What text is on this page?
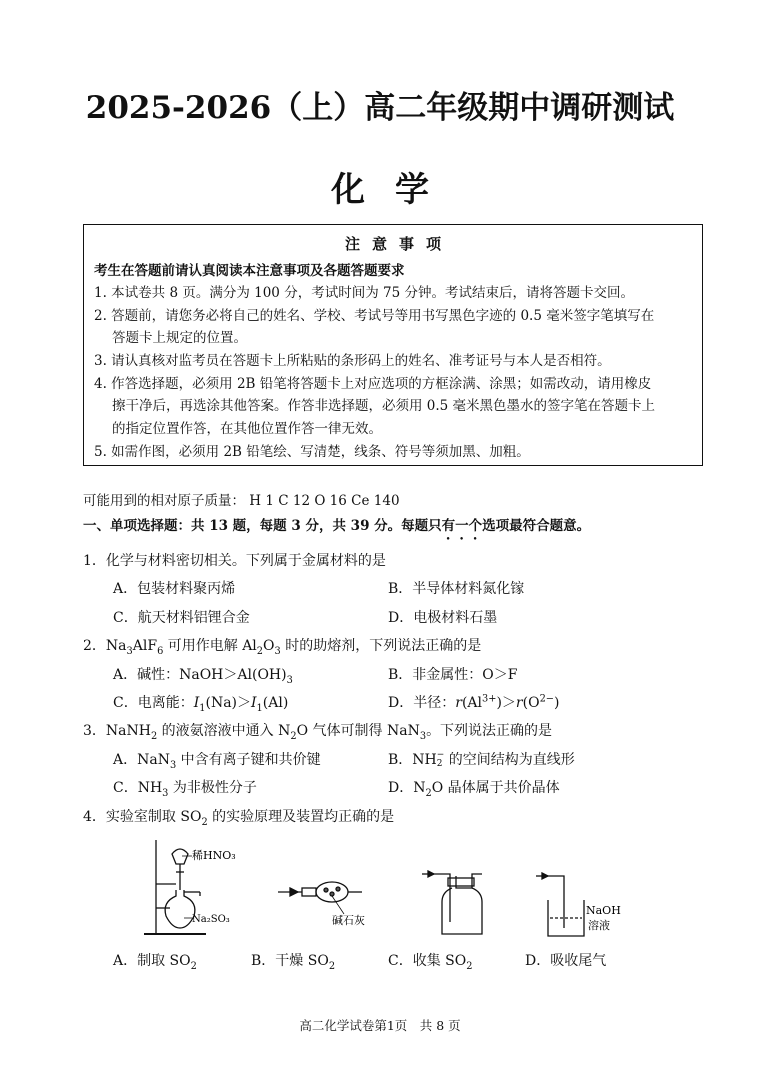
2025-2026（上）高二年级期中调研测试
化学
注意事项
考生在答题前请认真阅读本注意事项及各题答题要求
1. 本试卷共 8 页。满分为 100 分，考试时间为 75 分钟。考试结束后，请将答题卡交回。
2. 答题前，请您务必将自己的姓名、学校、考试号等用书写黑色字迹的 0.5 毫米签字笔填写在
答题卡上规定的位置。
3. 请认真核对监考员在答题卡上所粘贴的条形码上的姓名、准考证号与本人是否相符。
4. 作答选择题，必须用 2B 铅笔将答题卡上对应选项的方框涂满、涂黑；如需改动，请用橡皮
擦干净后，再选涂其他答案。作答非选择题，必须用 0.5 毫米黑色墨水的签字笔在答题卡上
的指定位置作答，在其他位置作答一律无效。
5. 如需作图，必须用 2B 铅笔绘、写清楚，线条、符号等须加黑、加粗。
可能用到的相对原子质量： H 1 C 12 O 16 Ce 140
一、单项选择题：共 13 题，每题 3 分，共 39 分。每题只有一个选项最符合题意。
1．化学与材料密切相关。下列属于金属材料的是
A．包装材料聚丙烯	B．半导体材料氮化镓
C．航天材料铝锂合金	D．电极材料石墨
2．$Na_3AlF_6$ 可用作电解 $Al_2O_3$ 时的助熔剂，下列说法正确的是
A．碱性：$NaOH>Al(OH)_3$	B．非金属性：O＞F
C．电离能：$I_1(Na)>I_1(Al)$	D．半径：$r(Al^{3+})>r(O^{2-})$
3．NaNH$_2$ 的液氨溶液中通入 $N_2O$ 气体可制得 NaN$_3$。下列说法正确的是
A．NaN$_3$ 中含有离子键和共价键	B．NH −
2 的空间结构为直线形
C．$NH_3$ 为非极性分子	D．$N_2O$ 晶体属于共价晶体
4．实验室制取 $SO_2$ 的实验原理及装置均正确的是
稀HNO₃
Na₂SO₃	碱石灰
NaOH
溶液
A．制取 $SO_2$	B．干燥 $SO_2$	C．收集 $SO_2$	D．吸收尾气
高二化学试卷第1页　共 8 页
